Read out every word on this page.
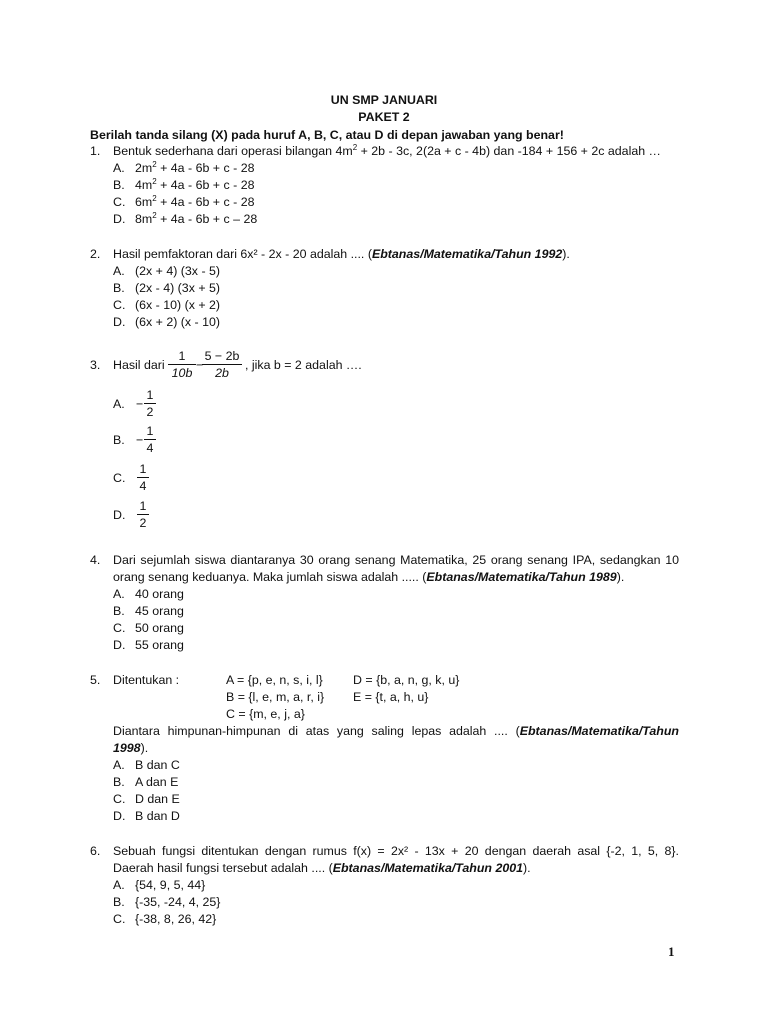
UN SMP JANUARI
PAKET 2
Berilah tanda silang (X) pada huruf A, B, C, atau D di depan jawaban yang benar!
1. Bentuk sederhana dari operasi bilangan $4m^2 + 2b - 3c$, 2(2a + c - 4b) dan -184 + 156 + 2c adalah …
A. $2m^2 + 4a - 6b + c - 28$
B. $4m^2 + 4a - 6b + c - 28$
C. $6m^2 + 4a - 6b + c - 28$
D. $8m^2 + 4a - 6b + c - 28$
2. Hasil pemfaktoran dari 6x² - 2x - 20 adalah .... (Ebtanas/Matematika/Tahun 1992).
A. (2x + 4) (3x - 5)
B. (2x - 4) (3x + 5)
C. (6x - 10) (x + 2)
D. (6x + 2) (x - 10)
3. Hasil dari
1
10b
−
5 − 2b
2b
, jika b = 2 adalah ….
A. −
1
2
B. −
1
4
C.
1
4
D.
1
2
4. Dari sejumlah siswa diantaranya 30 orang senang Matematika, 25 orang senang IPA, sedangkan 10
orang senang keduanya. Maka jumlah siswa adalah ..... (Ebtanas/Matematika/Tahun 1989).
A. 40 orang
B. 45 orang
C. 50 orang
D. 55 orang
5. Ditentukan :	A = {p, e, n, s, i, l} D = {b, a, n, g, k, u}
B = {l, e, m, a, r, i} E = {t, a, h, u}
C = {m, e, j, a}
Diantara himpunan-himpunan di atas yang saling lepas adalah .... (Ebtanas/Matematika/Tahun
1998).
A. B dan C
B. A dan E
C. D dan E
D. B dan D
6. Sebuah fungsi ditentukan dengan rumus f(x) = 2x² - 13x + 20 dengan daerah asal {-2, 1, 5, 8}.
Daerah hasil fungsi tersebut adalah .... (Ebtanas/Matematika/Tahun 2001).
A. {54, 9, 5, 44}
B. {-35, -24, 4, 25}
C. {-38, 8, 26, 42}
1
